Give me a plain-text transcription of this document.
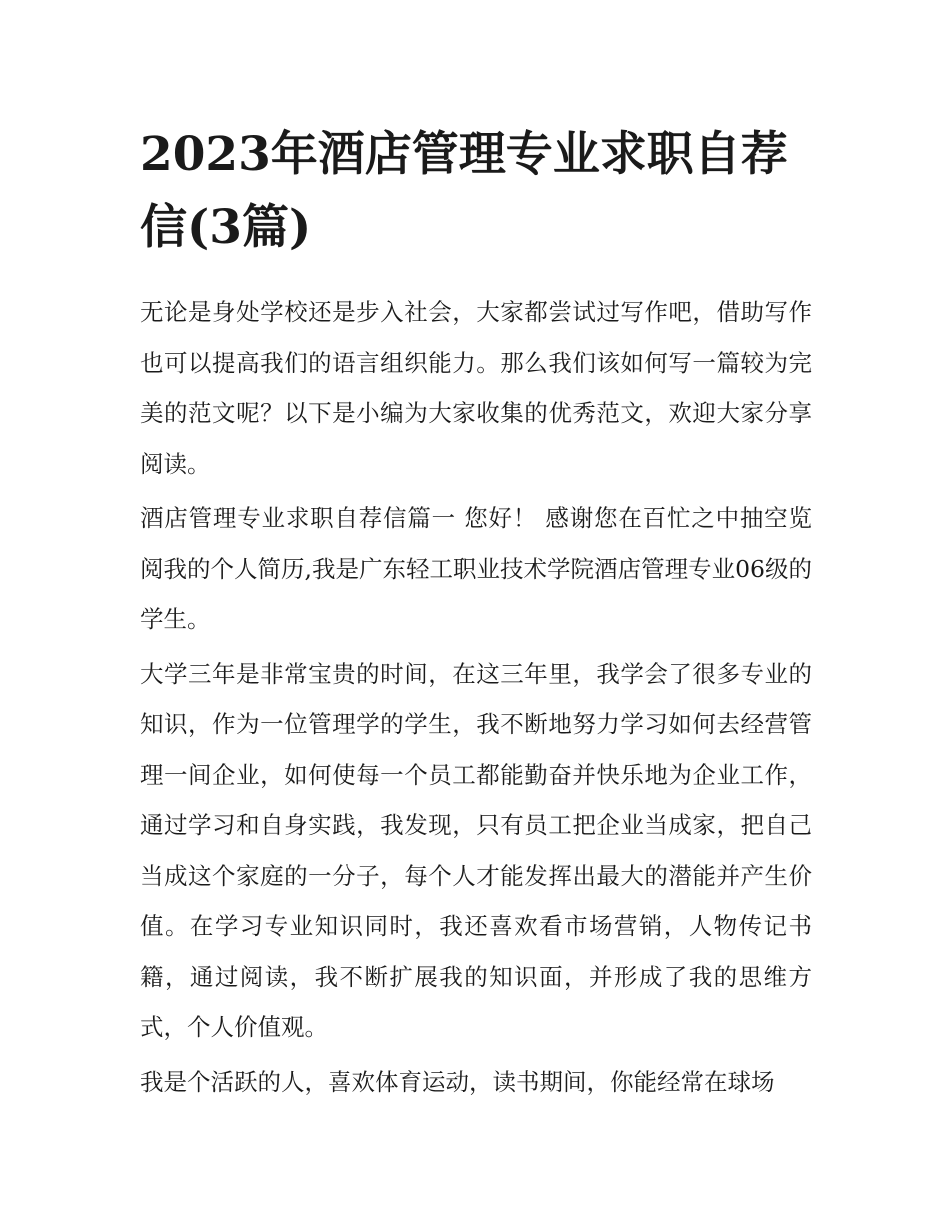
2023年酒店管理专业求职自荐信(3篇)

无论是身处学校还是步入社会，大家都尝试过写作吧，借助写作也可以提高我们的语言组织能力。那么我们该如何写一篇较为完美的范文呢？以下是小编为大家收集的优秀范文，欢迎大家分享阅读。

酒店管理专业求职自荐信篇一 您好！ 感谢您在百忙之中抽空览阅我的个人简历,我是广东轻工职业技术学院酒店管理专业06级的学生。

大学三年是非常宝贵的时间，在这三年里，我学会了很多专业的知识，作为一位管理学的学生，我不断地努力学习如何去经营管理一间企业，如何使每一个员工都能勤奋并快乐地为企业工作，通过学习和自身实践，我发现，只有员工把企业当成家，把自己当成这个家庭的一分子，每个人才能发挥出最大的潜能并产生价值。在学习专业知识同时，我还喜欢看市场营销，人物传记书籍，通过阅读，我不断扩展我的知识面，并形成了我的思维方式，个人价值观。

我是个活跃的人，喜欢体育运动，读书期间，你能经常在球场
